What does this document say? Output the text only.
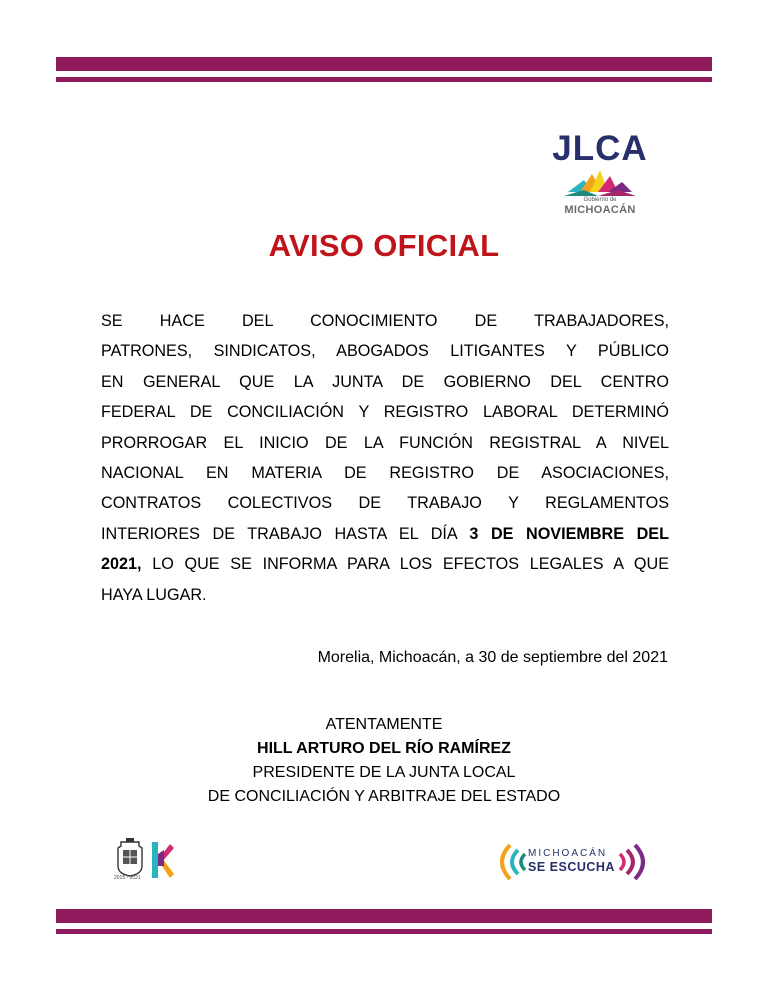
JLCA
Gobierno de
MICHOACÁN
AVISO OFICIAL
SE HACE DEL CONOCIMIENTO DE TRABAJADORES,
PATRONES, SINDICATOS, ABOGADOS LITIGANTES Y PÚBLICO
EN GENERAL QUE LA JUNTA DE GOBIERNO DEL CENTRO
FEDERAL DE CONCILIACIÓN Y REGISTRO LABORAL DETERMINÓ
PRORROGAR EL INICIO DE LA FUNCIÓN REGISTRAL A NIVEL
NACIONAL EN MATERIA DE REGISTRO DE ASOCIACIONES,
CONTRATOS COLECTIVOS DE TRABAJO Y REGLAMENTOS
INTERIORES DE TRABAJO HASTA EL DÍA 3 DE NOVIEMBRE DEL
2021, LO QUE SE INFORMA PARA LOS EFECTOS LEGALES A QUE
HAYA LUGAR.
Morelia, Michoacán, a 30 de septiembre del 2021
ATENTAMENTE
HILL ARTURO DEL RÍO RAMÍREZ
PRESIDENTE DE LA JUNTA LOCAL
DE CONCILIACIÓN Y ARBITRAJE DEL ESTADO
2015 - 2021
MICHOACÁN
SE ESCUCHA
